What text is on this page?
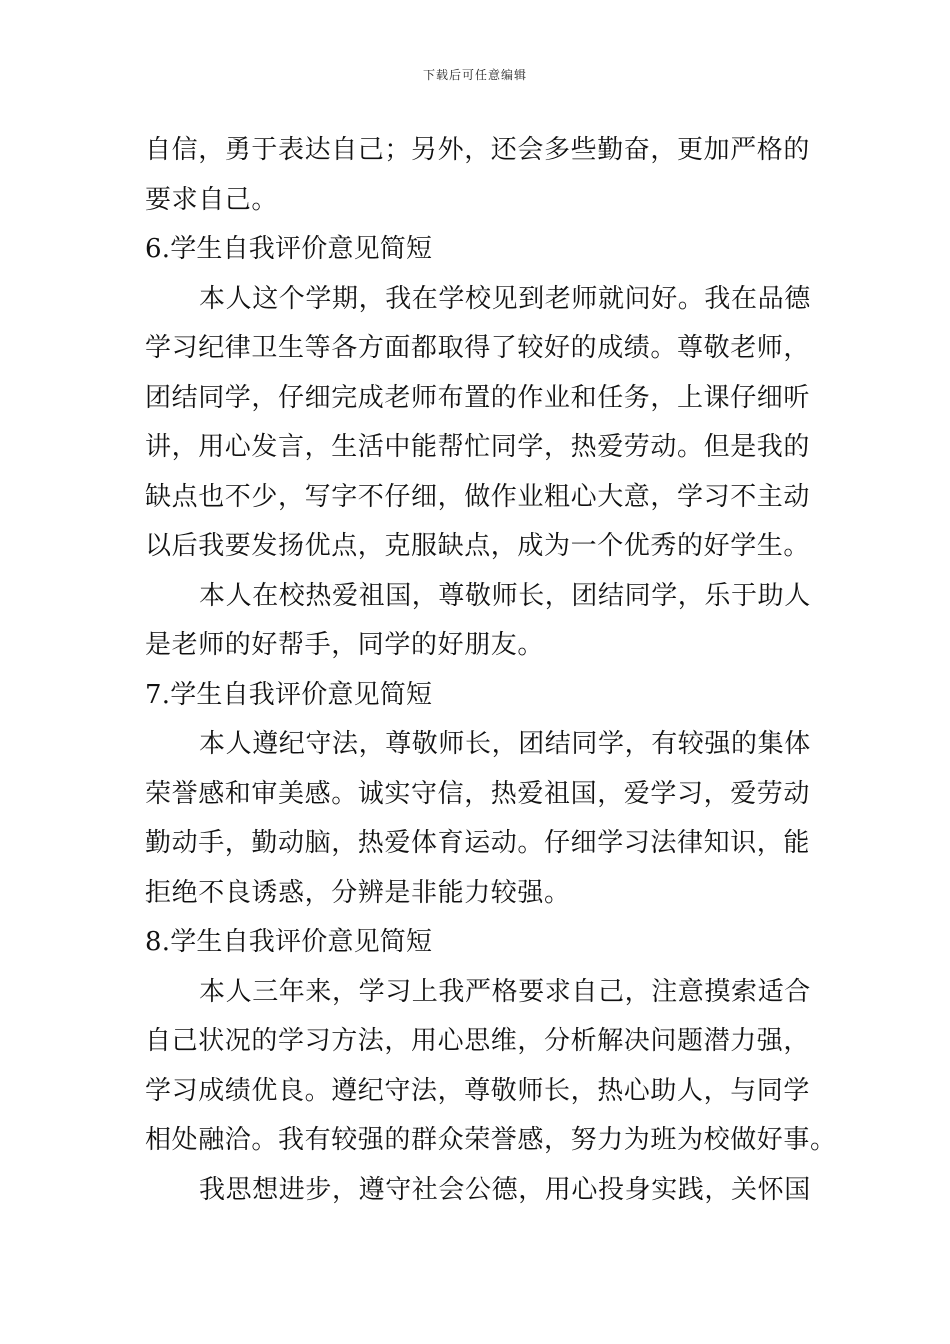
下载后可任意编辑
自信，勇于表达自己；另外，还会多些勤奋，更加严格的
要求自己。
6.学生自我评价意见简短
本人这个学期，我在学校见到老师就问好。我在品德
学习纪律卫生等各方面都取得了较好的成绩。尊敬老师，
团结同学，仔细完成老师布置的作业和任务，上课仔细听
讲，用心发言，生活中能帮忙同学，热爱劳动。但是我的
缺点也不少，写字不仔细，做作业粗心大意，学习不主动
以后我要发扬优点，克服缺点，成为一个优秀的好学生。
本人在校热爱祖国，尊敬师长，团结同学，乐于助人
是老师的好帮手，同学的好朋友。
7.学生自我评价意见简短
本人遵纪守法，尊敬师长，团结同学，有较强的集体
荣誉感和审美感。诚实守信，热爱祖国，爱学习，爱劳动
勤动手，勤动脑，热爱体育运动。仔细学习法律知识，能
拒绝不良诱惑，分辨是非能力较强。
8.学生自我评价意见简短
本人三年来，学习上我严格要求自己，注意摸索适合
自己状况的学习方法，用心思维，分析解决问题潜力强，
学习成绩优良。遵纪守法，尊敬师长，热心助人，与同学
相处融洽。我有较强的群众荣誉感，努力为班为校做好事。
我思想进步，遵守社会公德，用心投身实践，关怀国
